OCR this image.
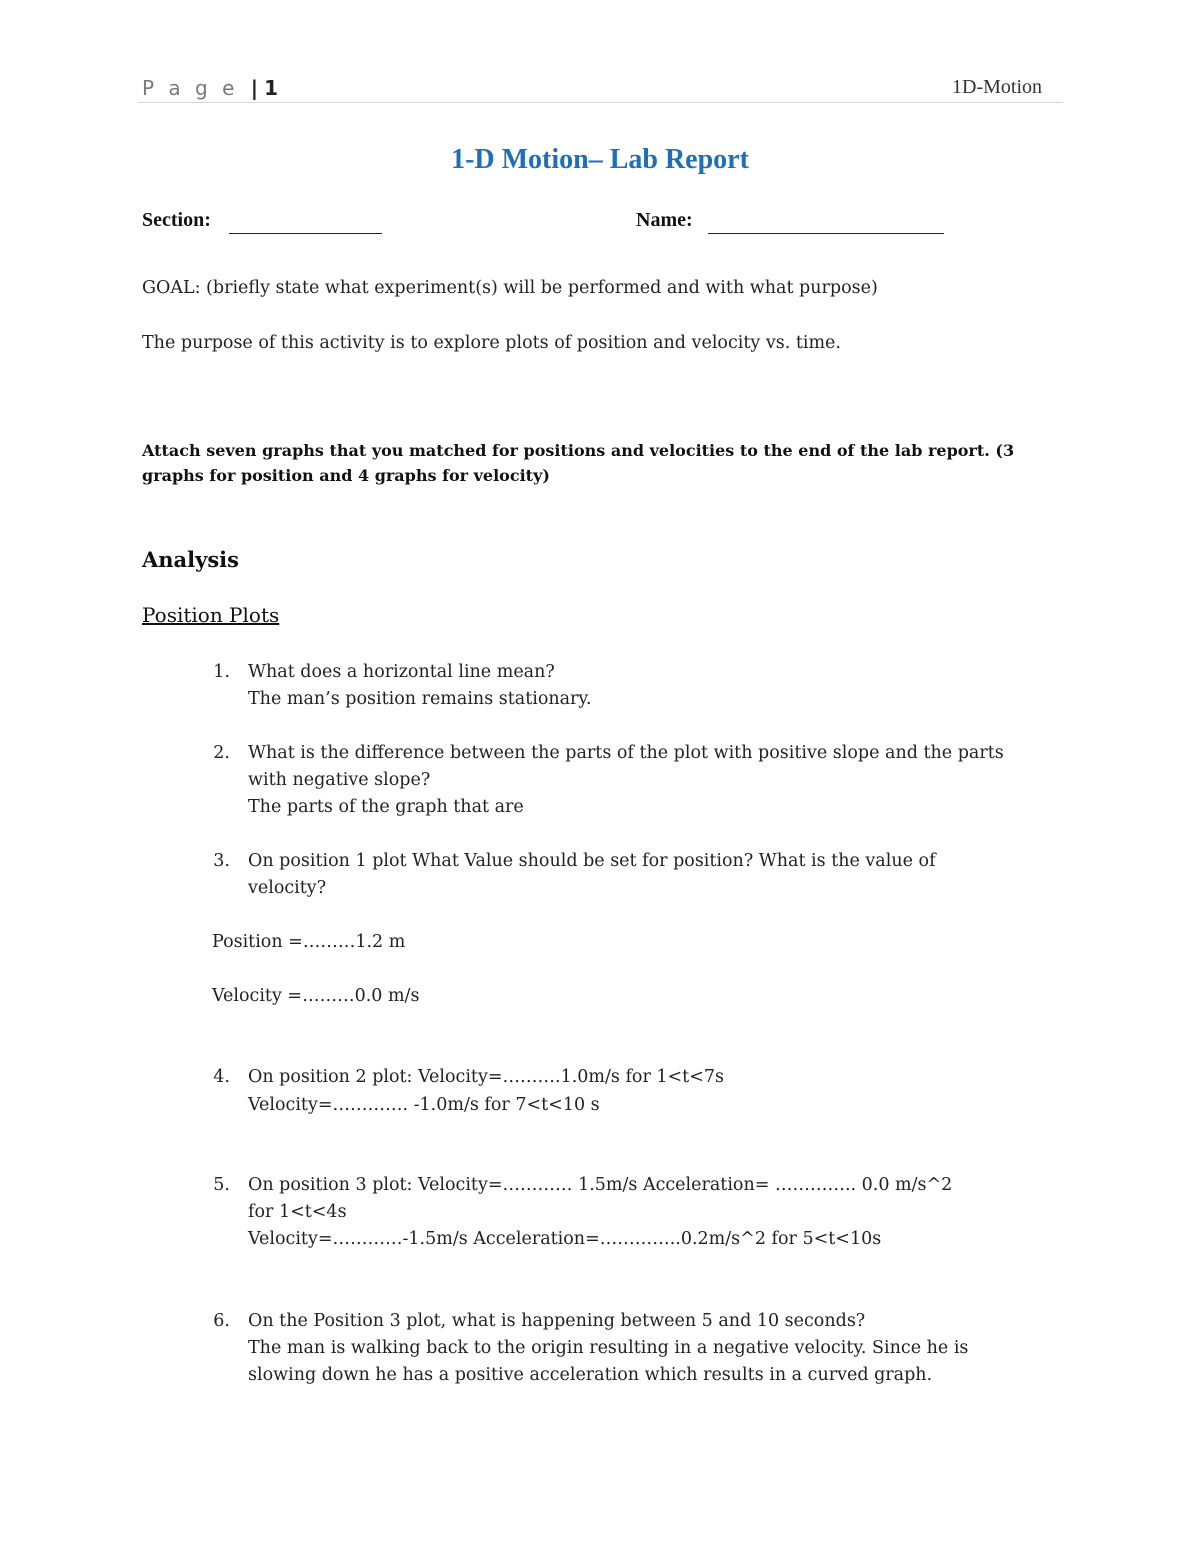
P a g e | 1	1D-Motion
1-D Motion– Lab Report
Section:	Name:
GOAL: (briefly state what experiment(s) will be performed and with what purpose)
The purpose of this activity is to explore plots of position and velocity vs. time.
Attach seven graphs that you matched for positions and velocities to the end of the lab report. (3
graphs for position and 4 graphs for velocity)
Analysis
Position Plots
1. What does a horizontal line mean?
The man’s position remains stationary.
2. What is the difference between the parts of the plot with positive slope and the parts
with negative slope?
The parts of the graph that are
3. On position 1 plot What Value should be set for position? What is the value of
velocity?
Position =………1.2 m
Velocity =………0.0 m/s
4. On position 2 plot: Velocity=……….1.0m/s for 1<t<7s
Velocity=…………. -1.0m/s for 7<t<10 s
5. On position 3 plot: Velocity=………… 1.5m/s Acceleration= ………….. 0.0 m/s^2
for 1<t<4s
Velocity=…………-1.5m/s Acceleration=…………..0.2m/s^2 for 5<t<10s
6. On the Position 3 plot, what is happening between 5 and 10 seconds?
The man is walking back to the origin resulting in a negative velocity. Since he is
slowing down he has a positive acceleration which results in a curved graph.
